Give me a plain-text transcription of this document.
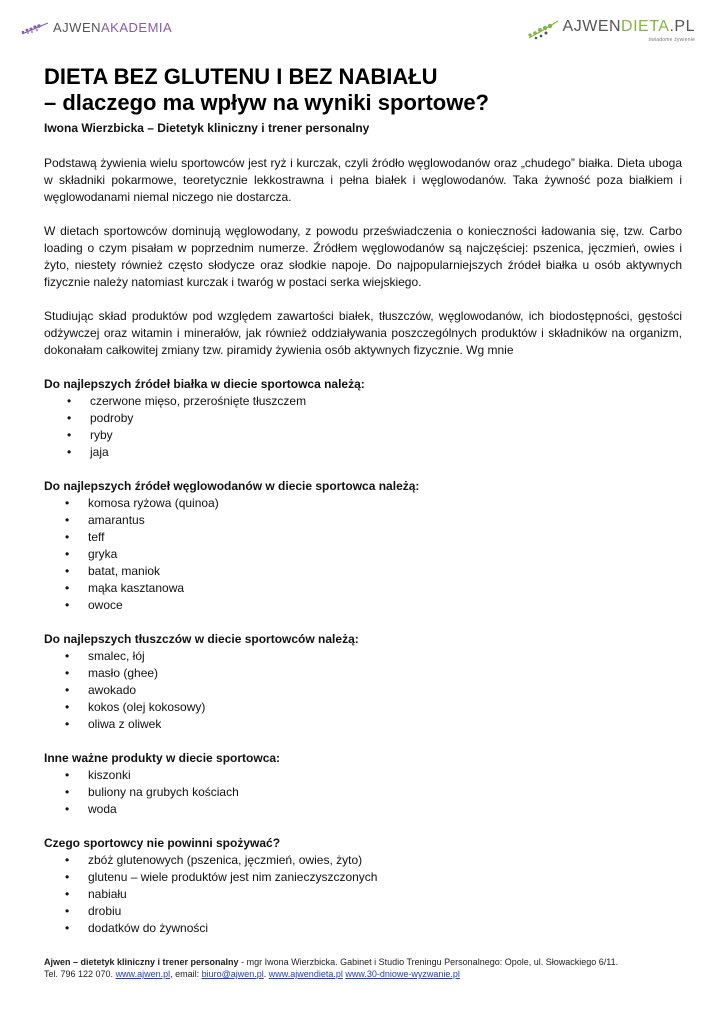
AJWENAKADEMIA	AJWENDIETA.PL
świadome żywienie
DIETA BEZ GLUTENU I BEZ NABIAŁU
– dlaczego ma wpływ na wyniki sportowe?
Iwona Wierzbicka – Dietetyk kliniczny i trener personalny

Podstawą żywienia wielu sportowców jest ryż i kurczak, czyli źródło węglowodanów oraz „chudego” białka. Dieta uboga w składniki pokarmowe, teoretycznie lekkostrawna i pełna białek i węglowodanów. Taka żywność poza białkiem i węglowodanami niemal niczego nie dostarcza.

W dietach sportowców dominują węglowodany, z powodu przeświadczenia o konieczności ładowania się, tzw. Carbo loading o czym pisałam w poprzednim numerze. Źródłem węglowodanów są najczęściej: pszenica, jęczmień, owies i żyto, niestety również często słodycze oraz słodkie napoje. Do najpopularniejszych źródeł białka u osób aktywnych fizycznie należy natomiast kurczak i twaróg w postaci serka wiejskiego.

Studiując skład produktów pod względem zawartości białek, tłuszczów, węglowodanów, ich biodostępności, gęstości odżywczej oraz witamin i minerałów, jak również oddziaływania poszczególnych produktów i składników na organizm, dokonałam całkowitej zmiany tzw. piramidy żywienia osób aktywnych fizycznie. Wg mnie

Do najlepszych źródeł białka w diecie sportowca należą:
• czerwone mięso, przerośnięte tłuszczem
• podroby
• ryby
• jaja
Do najlepszych źródeł węglowodanów w diecie sportowca należą:
• komosa ryżowa (quinoa)
• amarantus
• teff
• gryka
• batat, maniok
• mąka kasztanowa
• owoce
Do najlepszych tłuszczów w diecie sportowców należą:
• smalec, łój
• masło (ghee)
• awokado
• kokos (olej kokosowy)
• oliwa z oliwek
Inne ważne produkty w diecie sportowca:
• kiszonki
• buliony na grubych kościach
• woda
Czego sportowcy nie powinni spożywać?
• zbóż glutenowych (pszenica, jęczmień, owies, żyto)
• glutenu – wiele produktów jest nim zanieczyszczonych
• nabiału
• drobiu
• dodatków do żywności
Ajwen – dietetyk kliniczny i trener personalny - mgr Iwona Wierzbicka. Gabinet i Studio Treningu Personalnego: Opole, ul. Słowackiego 6/11.
Tel. 796 122 070. www.ajwen.pl, email: biuro@ajwen.pl. www.ajwendieta.pl www.30-dniowe-wyzwanie.pl
